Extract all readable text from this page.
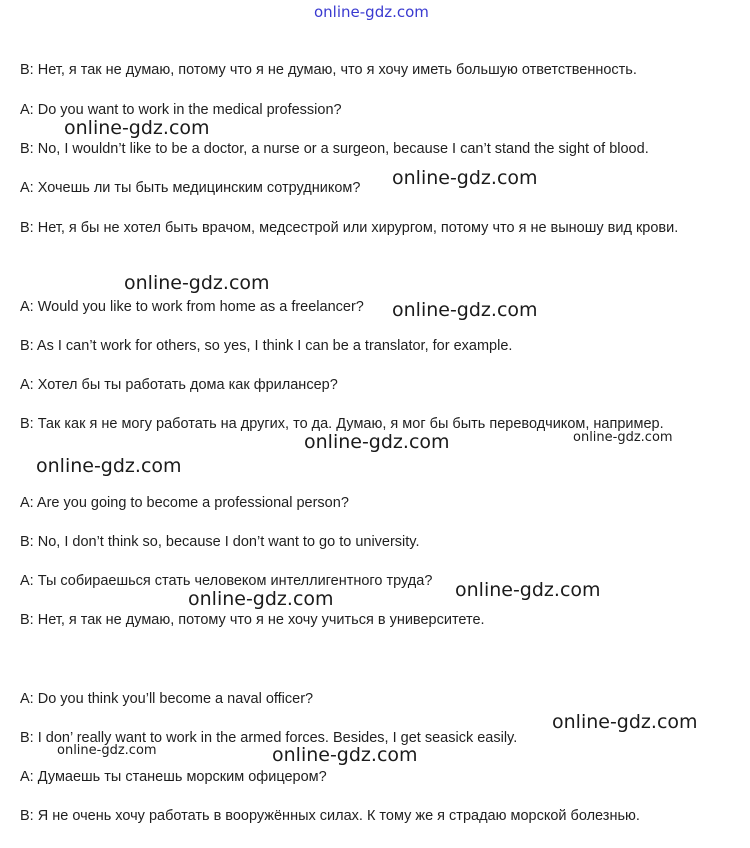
online-gdz.com
B: Нет, я так не думаю, потому что я не думаю, что я хочу иметь большую ответственность.
A: Do you want to work in the medical profession?
B: No, I wouldn’t like to be a doctor, a nurse or a surgeon, because I can’t stand the sight of blood.
A: Хочешь ли ты быть медицинским сотрудником?
B: Нет, я бы не хотел быть врачом, медсестрой или хирургом, потому что я не выношу вид крови.
A: Would you like to work from home as a freelancer?
B: As I can’t work for others, so yes, I think I can be a translator, for example.
A: Хотел бы ты работать дома как фрилансер?
B: Так как я не могу работать на других, то да. Думаю, я мог бы быть переводчиком, например.
A: Are you going to become a professional person?
B: No, I don’t think so, because I don’t want to go to university.
A: Ты собираешься стать человеком интеллигентного труда?
B: Нет, я так не думаю, потому что я не хочу учиться в университете.
A: Do you think you’ll become a naval officer?
B: I don’ really want to work in the armed forces. Besides, I get seasick easily.
A: Думаешь ты станешь морским офицером?
B: Я не очень хочу работать в вооружённых силах. К тому же я страдаю морской болезнью.
online-gdz.com
online-gdz.com
online-gdz.com
online-gdz.com
online-gdz.com
online-gdz.com
online-gdz.com
online-gdz.com
online-gdz.com
online-gdz.com
online-gdz.com
online-gdz.com
